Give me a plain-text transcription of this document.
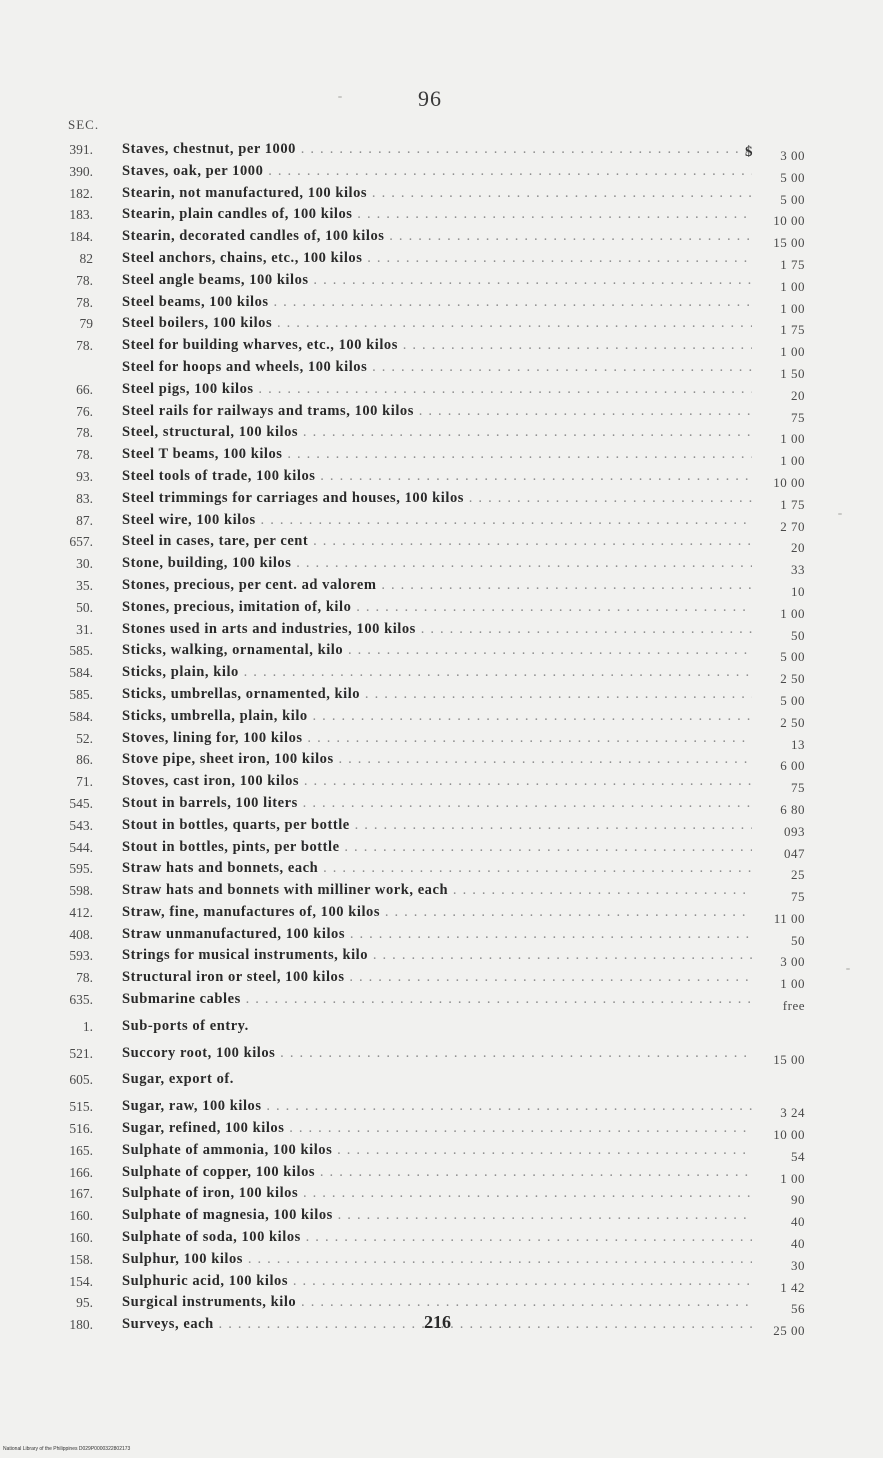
96
SEC.
391. Staves, chestnut, per 1000 . . .	$ 3 00
390. Staves, oak, per 1000 . . .	5 00
182. Stearin, not manufactured, 100 kilos . . .	5 00
183. Stearin, plain candles of, 100 kilos . . .	10 00
184. Stearin, decorated candles of, 100 kilos . . .	15 00
82 Steel anchors, chains, etc., 100 kilos . . .	1 75
78. Steel angle beams, 100 kilos . . .	1 00
78. Steel beams, 100 kilos . . .	1 00
79 Steel boilers, 100 kilos . . .	1 75
78. Steel for building wharves, etc., 100 kilos . . .	1 00
Steel for hoops and wheels, 100 kilos . . .	1 50
66. Steel pigs, 100 kilos . . .	20
76. Steel rails for railways and trams, 100 kilos . . .	75
78. Steel, structural, 100 kilos . . .	1 00
78. Steel T beams, 100 kilos . . .	1 00
93. Steel tools of trade, 100 kilos . . .	10 00
83. Steel trimmings for carriages and houses, 100 kilos . . .	1 75
87. Steel wire, 100 kilos . . .	2 70
657. Steel in cases, tare, per cent . . .	20
30. Stone, building, 100 kilos . . .	33
35. Stones, precious, per cent. ad valorem . . .	10
50. Stones, precious, imitation of, kilo . . .	1 00
31. Stones used in arts and industries, 100 kilos . . .	50
585. Sticks, walking, ornamental, kilo . . .	5 00
584. Sticks, plain, kilo . . .	2 50
585. Sticks, umbrellas, ornamented, kilo . . .	5 00
584. Sticks, umbrella, plain, kilo . . .	2 50
52. Stoves, lining for, 100 kilos . . .	13
86. Stove pipe, sheet iron, 100 kilos . . .	6 00
71. Stoves, cast iron, 100 kilos . . .	75
545. Stout in barrels, 100 liters . . .	6 80
543. Stout in bottles, quarts, per bottle . . .	093
544. Stout in bottles, pints, per bottle . . .	047
595. Straw hats and bonnets, each . . .	25
598. Straw hats and bonnets with milliner work, each . . .	75
412. Straw, fine, manufactures of, 100 kilos . . .	11 00
408. Straw unmanufactured, 100 kilos . . .	50
593. Strings for musical instruments, kilo . . .	3 00
78. Structural iron or steel, 100 kilos . . .	1 00
635. Submarine cables . . .	free
1. Sub-ports of entry.
521. Succory root, 100 kilos . . .	15 00
605. Sugar, export of.
515. Sugar, raw, 100 kilos . . .	3 24
516. Sugar, refined, 100 kilos . . .	10 00
165. Sulphate of ammonia, 100 kilos . . .	54
166. Sulphate of copper, 100 kilos . . .	1 00
167. Sulphate of iron, 100 kilos . . .	90
160. Sulphate of magnesia, 100 kilos . . .	40
160. Sulphate of soda, 100 kilos . . .	40
158. Sulphur, 100 kilos . . .	30
154. Sulphuric acid, 100 kilos . . .	1 42
95. Surgical instruments, kilo . . .	56
180. Surveys, each . . .	25 00
216
National Library of the Philippines D029P0000322802173
